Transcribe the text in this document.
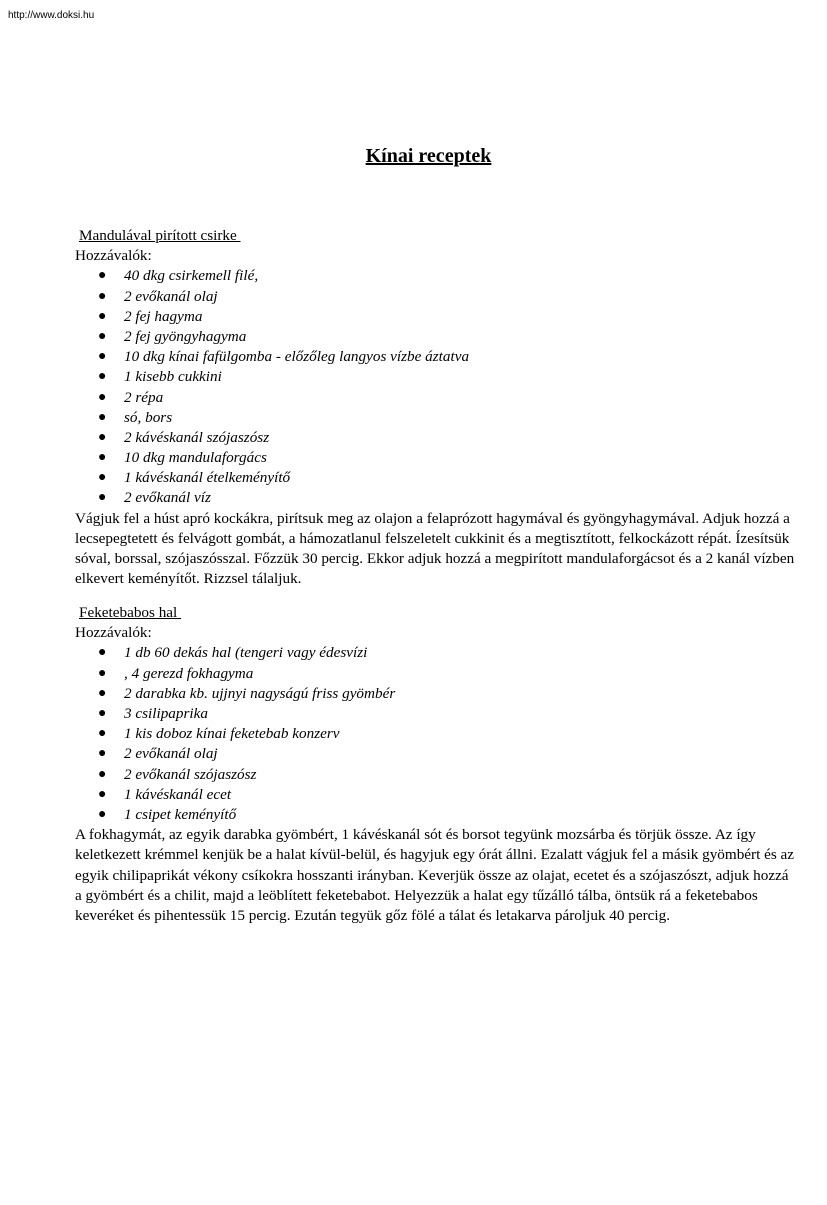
http://www.doksi.hu
Kínai receptek
Mandulával pirított csirke
Hozzávalók:
● 40 dkg csirkemell filé,
● 2 evőkanál olaj
● 2 fej hagyma
● 2 fej gyöngyhagyma
● 10 dkg kínai fafülgomba - előzőleg langyos vízbe áztatva
● 1 kisebb cukkini
● 2 répa
● só, bors
● 2 kávéskanál szójaszósz
● 10 dkg mandulaforgács
● 1 kávéskanál ételkeményítő
● 2 evőkanál víz

Vágjuk fel a húst apró kockákra, pirítsuk meg az olajon a felaprózott hagymával és gyöngyhagymával. Adjuk hozzá a lecsepegtetett és felvágott gombát, a hámozatlanul felszeletelt cukkinit és a megtisztított, felkockázott répát. Ízesítsük sóval, borssal, szójaszósszal. Főzzük 30 percig. Ekkor adjuk hozzá a megpirított mandulaforgácsot és a 2 kanál vízben elkevert keményítőt. Rizzsel tálaljuk.

Feketebabos hal
Hozzávalók:
● 1 db 60 dekás hal (tengeri vagy édesvízi
● , 4 gerezd fokhagyma
● 2 darabka kb. ujjnyi nagyságú friss gyömbér
● 3 csilipaprika
● 1 kis doboz kínai feketebab konzerv
● 2 evőkanál olaj
● 2 evőkanál szójaszósz
● 1 kávéskanál ecet
● 1 csipet keményítő

A fokhagymát, az egyik darabka gyömbért, 1 kávéskanál sót és borsot tegyünk mozsárba és törjük össze. Az így keletkezett krémmel kenjük be a halat kívül-belül, és hagyjuk egy órát állni. Ezalatt vágjuk fel a másik gyömbért és az egyik chilipaprikát vékony csíkokra hosszanti irányban. Keverjük össze az olajat, ecetet és a szójaszószt, adjuk hozzá a gyömbért és a chilit, majd a leöblített feketebabot. Helyezzük a halat egy tűzálló tálba, öntsük rá a feketebabos keveréket és pihentessük 15 percig. Ezután tegyük gőz fölé a tálat és letakarva pároljuk 40 percig.
